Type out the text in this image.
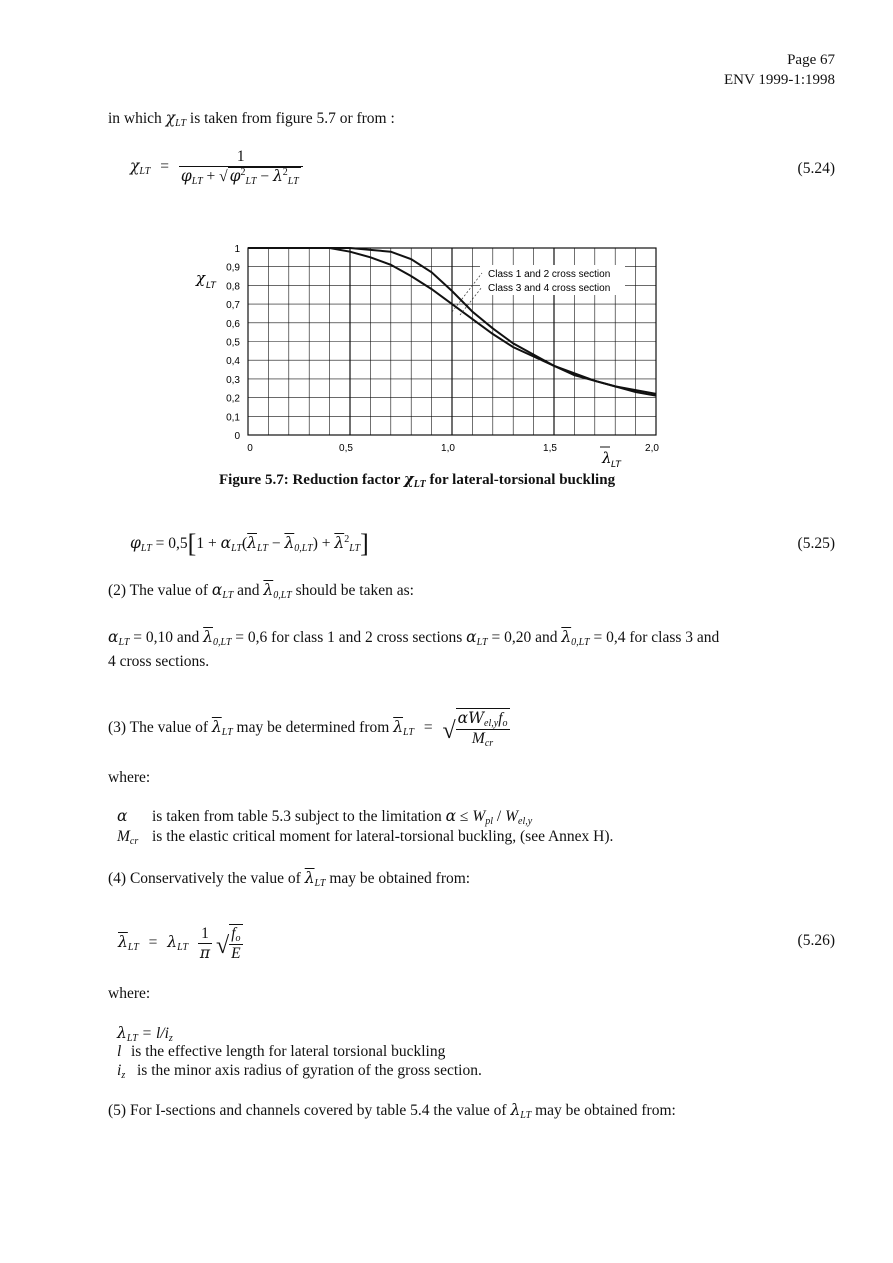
Page 67
ENV 1999-1:1998
in which $\chi_{LT}$ is taken from figure 5.7 or from :
$\chi_{LT} = \frac{1}{\varphi_{LT} + √ \varphi^2_{LT} - \overline{\lambda}^2_{LT}}$	(5.24)
1
0,9
0,8
0,7
0,6
0,5
0,4
0,3
0,2
0,1
0
0	0,5	1,0	1,5	2,0
χ LT
λ LT
Class 1 and 2 cross section
Class 3 and 4 cross section
Figure 5.7: Reduction factor $\chi_{LT}$ for lateral-torsional buckling
$\varphi_{LT} = 0,5[1 + \alpha_{LT}(\overline{\lambda}_{LT} - \overline{\lambda}_{0,LT}) + \overline{\lambda}^2_{LT}]$	(5.25)
(2) The value of $\alpha_{LT}$ and $\overline{\lambda}_{0,LT}$ should be taken as:
$\alpha_{LT} = 0,10$ and $\overline{\lambda}_{0,LT} = 0,6$ for class 1 and 2 cross sections $\alpha_{LT} = 0,20$ and $\overline{\lambda}_{0,LT} = 0,4$ for class 3 and
4 cross sections.
(3) The value of $\overline{\lambda}_{LT}$ may be determined from $\overline{\lambda}_{LT}$ = √ $\frac{\alpha W_{el,y}f_o}{M_{cr}}$
where:
α is taken from table 5.3 subject to the limitation $\alpha \le W_{pl} / W_{el,y}$
$M_{cr}$ is the elastic critical moment for lateral-torsional buckling, (see Annex H).
(4) Conservatively the value of $\overline{\lambda}_{LT}$ may be obtained from:
$\overline{\lambda}_{LT} = \lambda_{LT} \frac{1}{\pi}$ √ $\frac{f_o}{E}$	(5.26)
where:
$\lambda_{LT} = l/i_z$
l is the effective length for lateral torsional buckling
$i_z$ is the minor axis radius of gyration of the gross section.
(5) For I-sections and channels covered by table 5.4 the value of $\lambda_{LT}$ may be obtained from:
